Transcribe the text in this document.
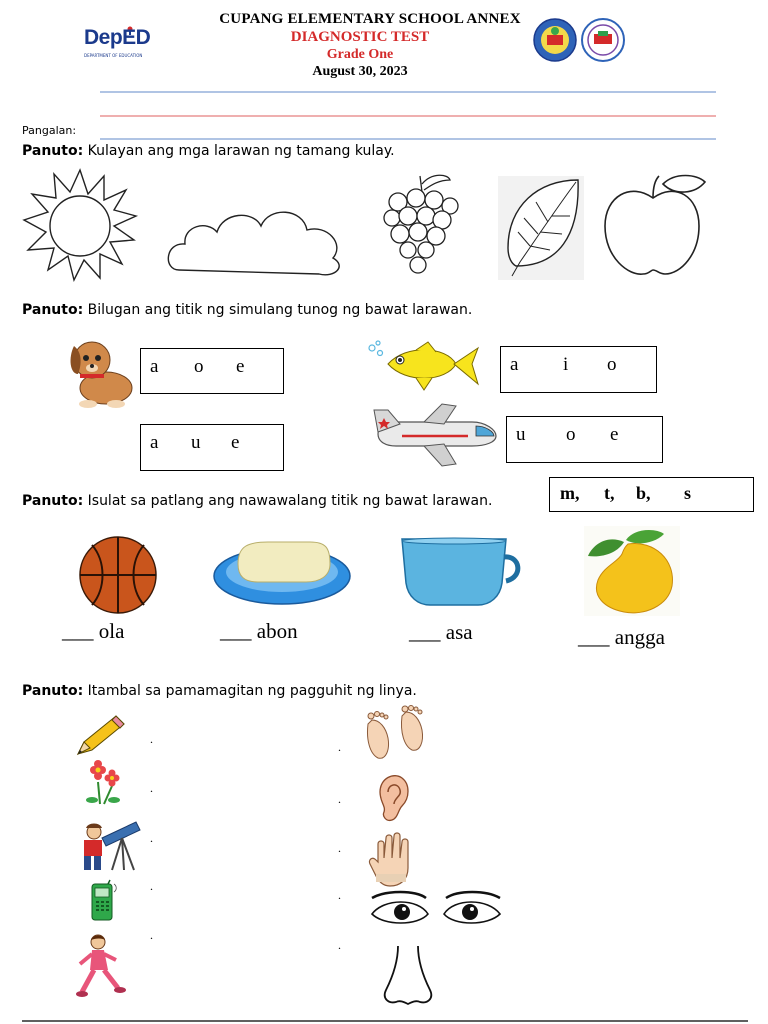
DepED
DEPARTMENT OF EDUCATION
CUPANG ELEMENTARY SCHOOL ANNEX
DIAGNOSTIC TEST
Grade One
August 30, 2023
Pangalan:
Panuto: Kulayan ang mga larawan ng tamang kulay.
Panuto: Bilugan ang titik ng simulang tunog ng bawat larawan.
a	o	e	a	i	o
a	u	e	u	o	e
Panuto: Isulat sa patlang ang nawawalang titik ng bawat larawan.	m,	t,	b,	s
___ ola	___ abon	___ asa	___ angga
Panuto: Itambal sa pamamagitan ng pagguhit ng linya.
.
.
.
.
.
.
.
.
.
.
